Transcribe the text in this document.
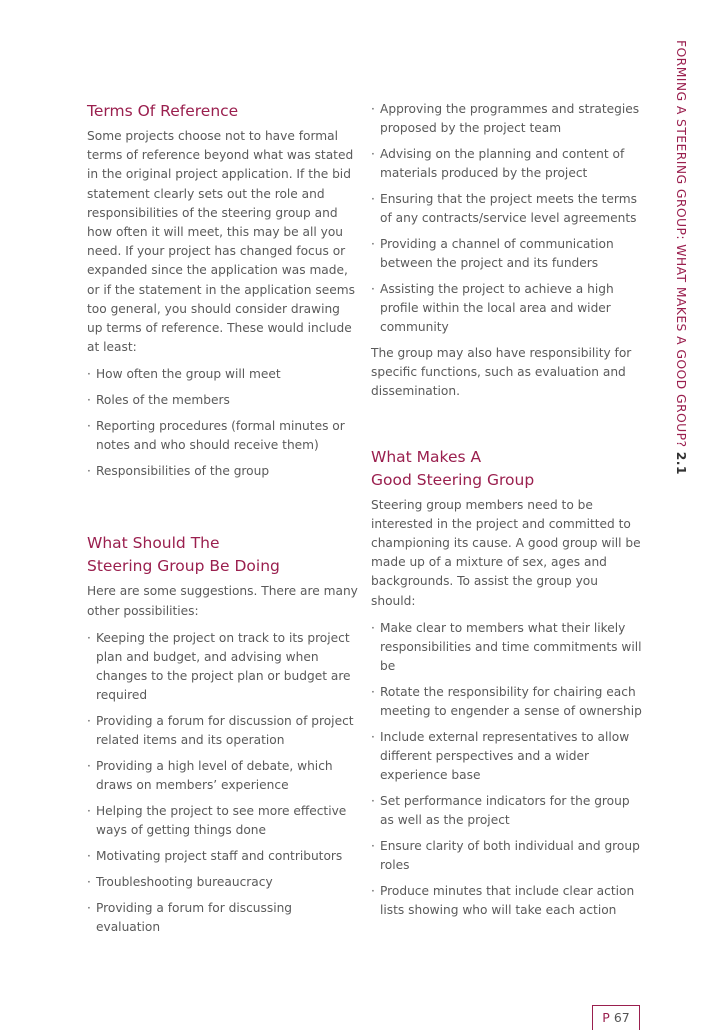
FORMING A STEERING GROUP: WHAT MAKES A GOOD GROUP? 2.1
Terms Of Reference

Some projects choose not to have formal terms of reference beyond what was stated in the original project application. If the bid statement clearly sets out the role and responsibilities of the steering group and how often it will meet, this may be all you need. If your project has changed focus or expanded since the application was made, or if the statement in the application seems too general, you should consider drawing up terms of reference. These would include at least:

· How often the group will meet
· Roles of the members
· Reporting procedures (formal minutes or notes and who should receive them)
· Responsibilities of the group
What Should The
Steering Group Be Doing

Here are some suggestions. There are many other possibilities:

· Keeping the project on track to its project plan and budget, and advising when changes to the project plan or budget are required
· Providing a forum for discussion of project related items and its operation
· Providing a high level of debate, which draws on members’ experience
· Helping the project to see more effective ways of getting things done
· Motivating project staff and contributors
· Troubleshooting bureaucracy
· Providing a forum for discussing evaluation
· Approving the programmes and strategies proposed by the project team
· Advising on the planning and content of materials produced by the project
· Ensuring that the project meets the terms of any contracts/service level agreements
· Providing a channel of communication between the project and its funders
· Assisting the project to achieve a high profile within the local area and wider community

The group may also have responsibility for specific functions, such as evaluation and dissemination.

What Makes A
Good Steering Group

Steering group members need to be interested in the project and committed to championing its cause. A good group will be made up of a mixture of sex, ages and backgrounds. To assist the group you should:

· Make clear to members what their likely responsibilities and time commitments will be
· Rotate the responsibility for chairing each meeting to engender a sense of ownership
· Include external representatives to allow different perspectives and a wider experience base
· Set performance indicators for the group as well as the project
· Ensure clarity of both individual and group roles
· Produce minutes that include clear action lists showing who will take each action
P 67
